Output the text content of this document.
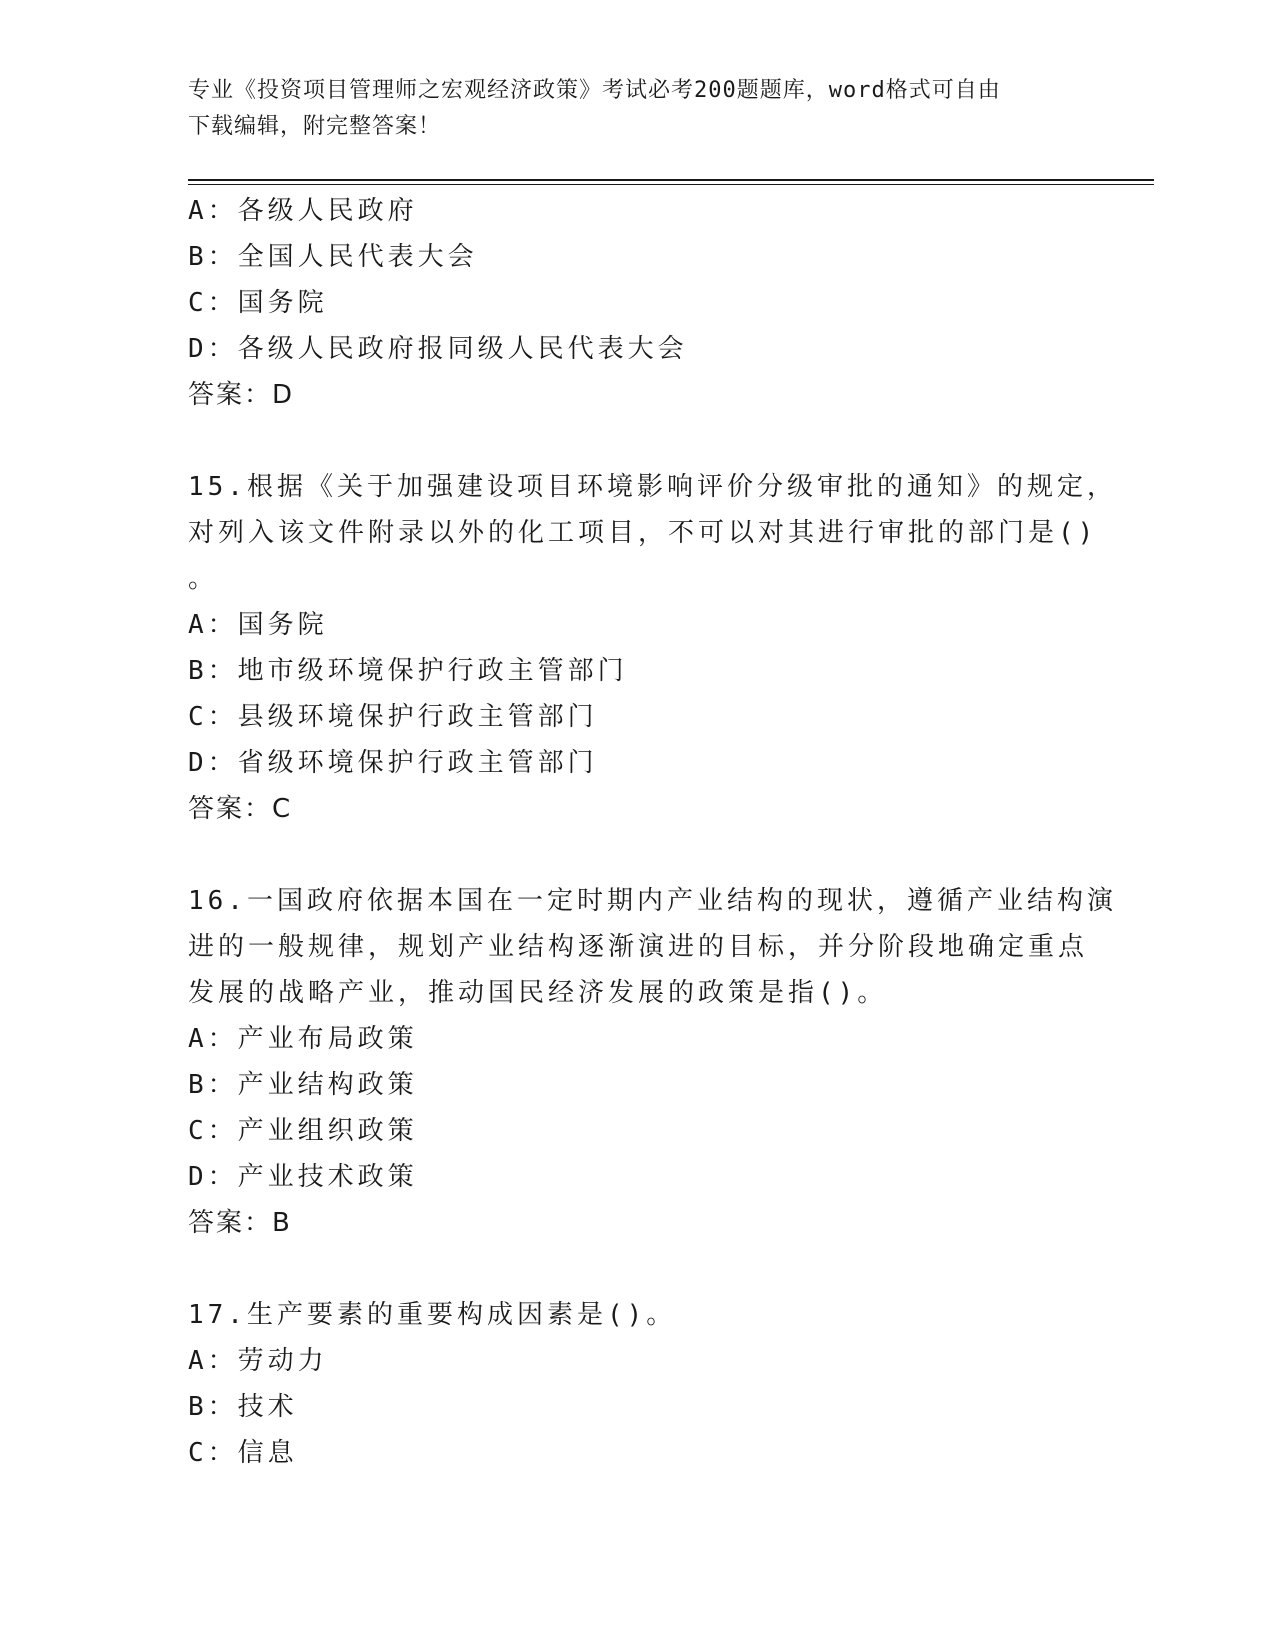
专业《投资项目管理师之宏观经济政策》考试必考200题题库，word格式可自由
下载编辑，附完整答案！
A：各级人民政府
B：全国人民代表大会
C：国务院
D：各级人民政府报同级人民代表大会
答案：D
15.根据《关于加强建设项目环境影响评价分级审批的通知》的规定，
对列入该文件附录以外的化工项目，不可以对其进行审批的部门是()
。
A：国务院
B：地市级环境保护行政主管部门
C：县级环境保护行政主管部门
D：省级环境保护行政主管部门
答案：C
16.一国政府依据本国在一定时期内产业结构的现状，遵循产业结构演
进的一般规律，规划产业结构逐渐演进的目标，并分阶段地确定重点
发展的战略产业，推动国民经济发展的政策是指()。
A：产业布局政策
B：产业结构政策
C：产业组织政策
D：产业技术政策
答案：B
17.生产要素的重要构成因素是()。
A：劳动力
B：技术
C：信息
